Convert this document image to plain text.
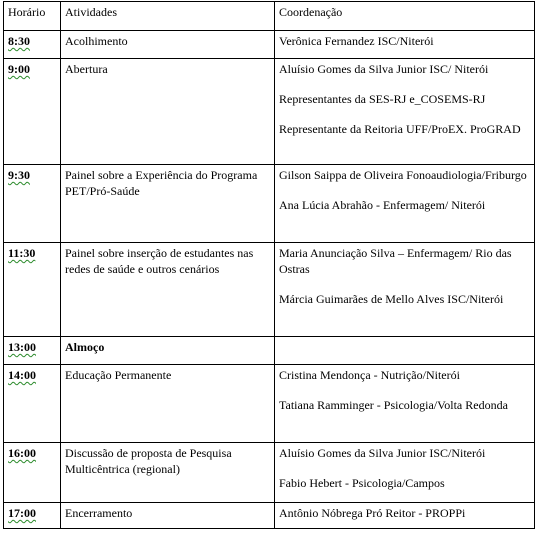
Horário	Atividades	Coordenação
8:30	Acolhimento	Verônica Fernandez ISC/Niterói

9:00	Abertura	Aluísio Gomes da Silva Junior ISC/ Niterói

Representantes da SES-RJ e_COSEMS-RJ

Representante da Reitoria UFF/ProEX. ProGRAD

9:30	Painel sobre a Experiência do Programa PET/Pró-Saúde	Gilson Saippa de Oliveira Fonoaudiologia/Friburgo

Ana Lúcia Abrahão - Enfermagem/ Niterói

11:30	Painel sobre inserção de estudantes nas redes de saúde e outros cenários	Maria Anunciação Silva – Enfermagem/ Rio das Ostras

Márcia Guimarães de Mello Alves ISC/Niterói

13:00	Almoço	
14:00	Educação Permanente	Cristina Mendonça - Nutrição/Niterói

Tatiana Ramminger - Psicologia/Volta Redonda

16:00	Discussão de proposta de Pesquisa Multicêntrica (regional)	Aluísio Gomes da Silva Junior ISC/Niterói

Fabio Hebert - Psicologia/Campos

17:00	Encerramento	Antônio Nóbrega Pró Reitor - PROPPi
